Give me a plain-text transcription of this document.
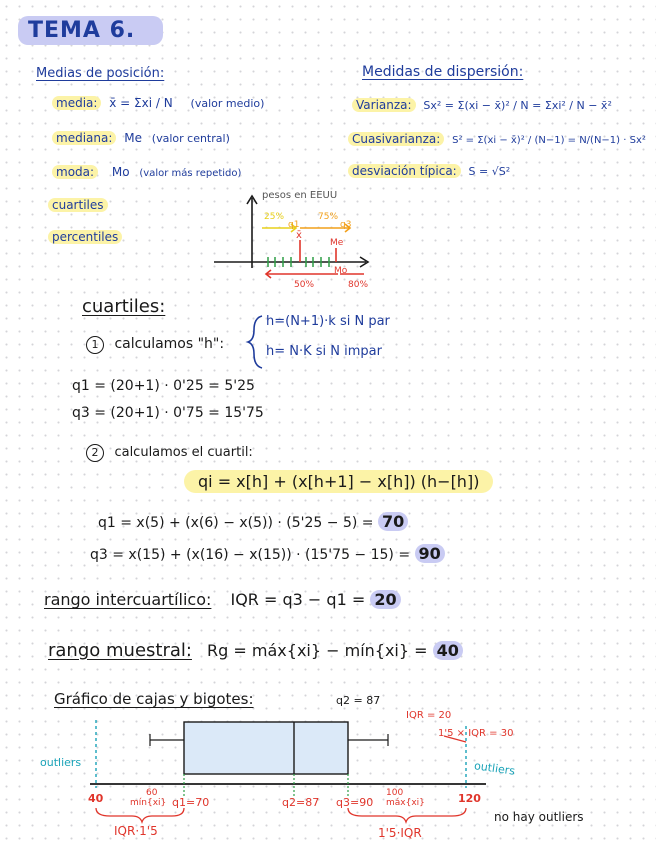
TEMA 6.
Medias de posición:
media: x̄ = Σxi / N (valor medio)
mediana: Me (valor central)
moda: Mo (valor más repetido)
cuartiles
percentiles
Medidas de dispersión:
Varianza: Sx² = Σ(xi − x̄)² / N = Σxi² / N − x̄²
Cuasivarianza: S² = Σ(xi − x̄)² / (N−1) = N/(N−1) · Sx²
desviación típica: S = √S²
pesos en EEUU
25%	75%
q1	q3
x̄
Me
Mo
50%	80%
cuartiles:
1 calculamos "h":
h=(N+1)·k si N par
h= N·K si N impar
q1 = (20+1) · 0'25 = 5'25
q3 = (20+1) · 0'75 = 15'75
2 calculamos el cuartil:
qi = x[h] + (x[h+1] − x[h]) (h−[h])
q1 = x(5) + (x(6) − x(5)) · (5'25 − 5) = 70
q3 = x(15) + (x(16) − x(15)) · (15'75 − 15) = 90
rango intercuartílico: IQR = q3 − q1 = 20
rango muestral: Rg = máx{xi} − mín{xi} = 40
Gráfico de cajas y bigotes:	q2 = 87
IQR = 20
1'5 × IQR = 30
outliers	outliers
40	60
mín{xi} q1=70	q2=87 q3=90
100
máx{xi}	120
IQR·1'5	1'5·IQR
no hay outliers
